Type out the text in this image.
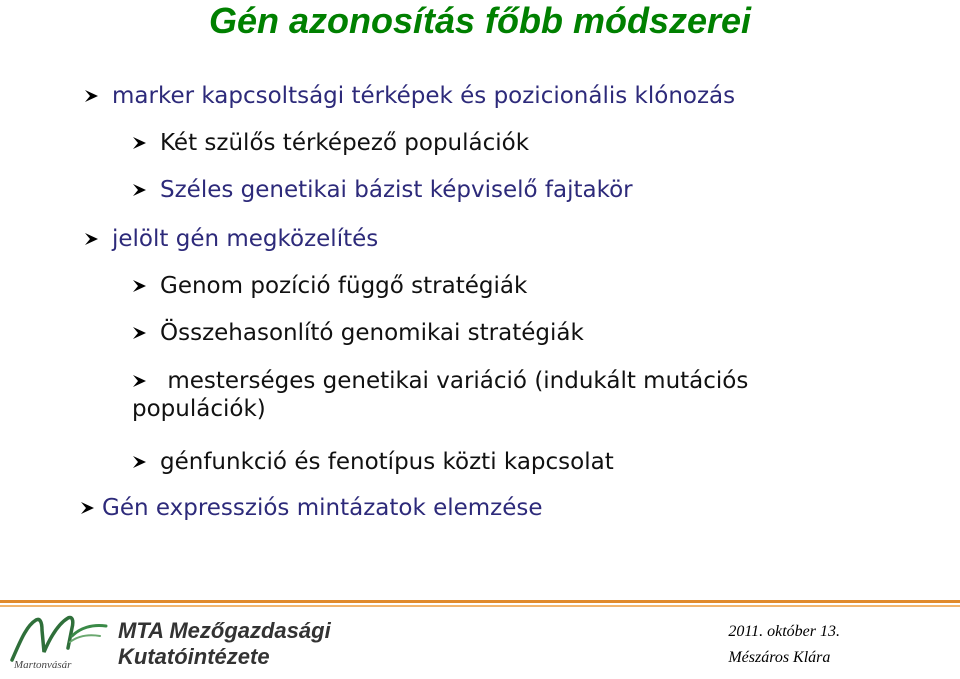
Gén azonosítás főbb módszerei
marker kapcsoltsági térképek és pozicionális klónozás
Két szülős térképező populációk
Széles genetikai bázist képviselő fajtakör
jelölt gén megközelítés
Genom pozíció függő stratégiák
Összehasonlító genomikai stratégiák
mesterséges genetikai variáció (indukált mutációs populációk)
génfunkció és fenotípus közti kapcsolat
Gén expressziós mintázatok elemzése
Martonvásár
MTA Mezőgazdasági
Kutatóintézete
2011. október 13.
Mészáros Klára
